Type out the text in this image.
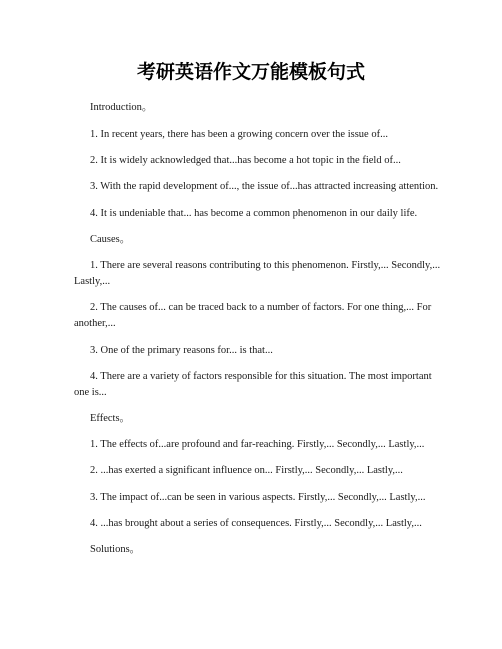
考研英语作文万能模板句式
Introduction。
1. In recent years, there has been a growing concern over the issue of...
2. It is widely acknowledged that...has become a hot topic in the field of...
3. With the rapid development of..., the issue of...has attracted increasing attention.
4. It is undeniable that... has become a common phenomenon in our daily life.
Causes。
1. There are several reasons contributing to this phenomenon. Firstly,... Secondly,...
Lastly,...
2. The causes of... can be traced back to a number of factors. For one thing,... For
another,...
3. One of the primary reasons for... is that...
4. There are a variety of factors responsible for this situation. The most important
one is...
Effects。
1. The effects of...are profound and far-reaching. Firstly,... Secondly,... Lastly,...
2. ...has exerted a significant influence on... Firstly,... Secondly,... Lastly,...
3. The impact of...can be seen in various aspects. Firstly,... Secondly,... Lastly,...
4. ...has brought about a series of consequences. Firstly,... Secondly,... Lastly,...
Solutions。
